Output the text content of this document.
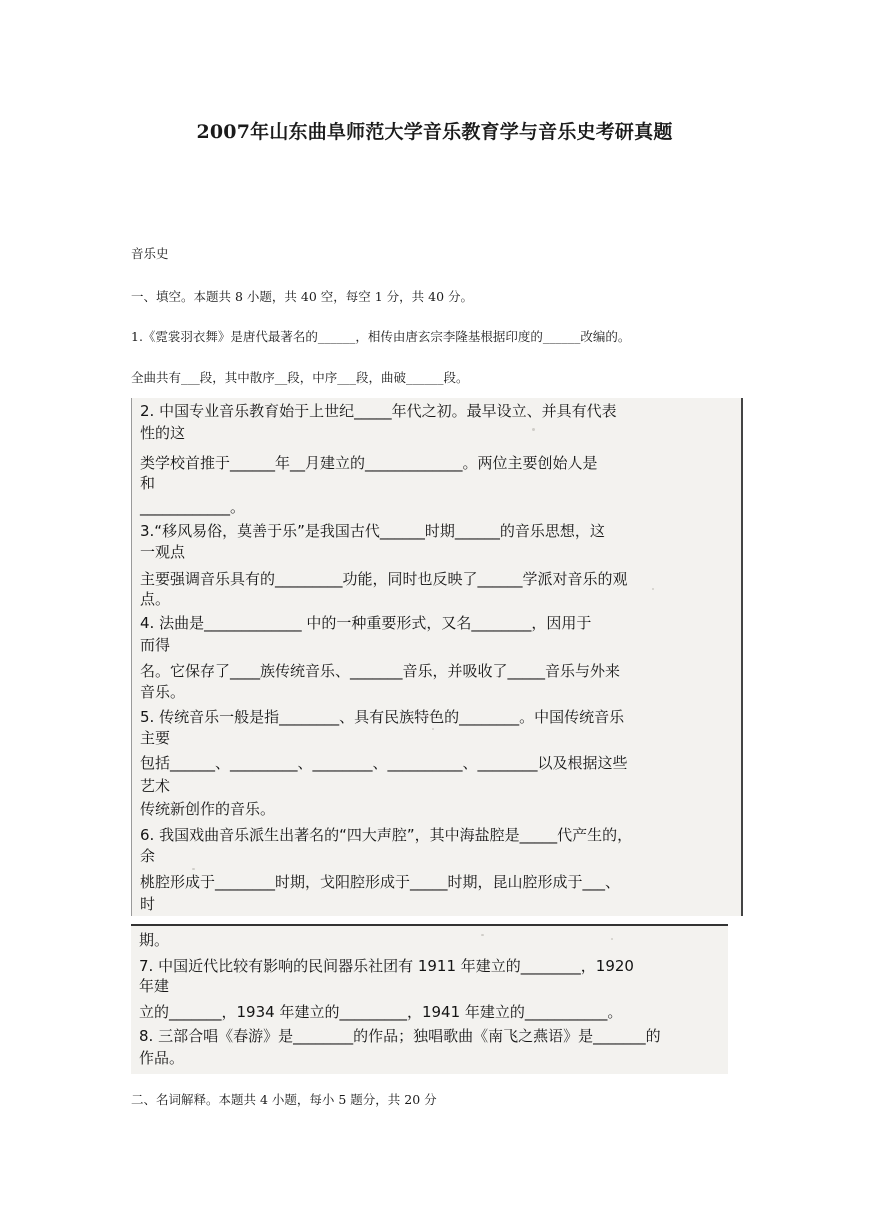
2007年山东曲阜师范大学音乐教育学与音乐史考研真题
音乐史
一、填空。本题共 8 小题，共 40 空，每空 1 分，共 40 分。
1.《霓裳羽衣舞》是唐代最著名的______，相传由唐玄宗李隆基根据印度的______改编的。
全曲共有___段，其中散序__段，中序___段，曲破______段。
2. 中国专业音乐教育始于上世纪_____年代之初。最早设立、并具有代表
性的这
类学校首推于______年__月建立的_____________。两位主要创始人是
和
____________。
3.“移风易俗，莫善于乐”是我国古代______时期______的音乐思想，这
一观点
主要强调音乐具有的_________功能，同时也反映了______学派对音乐的观
点。
4. 法曲是_____________ 中的一种重要形式，又名________，因用于
而得
名。它保存了____族传统音乐、_______音乐，并吸收了_____音乐与外来
音乐。
5. 传统音乐一般是指________、具有民族特色的________。中国传统音乐
主要
包括______、_________、________、__________、________以及根据这些
艺术
传统新创作的音乐。
6. 我国戏曲音乐派生出著名的“四大声腔”，其中海盐腔是_____代产生的，
余
桃腔形成于________时期，戈阳腔形成于_____时期，昆山腔形成于___、
时
期。
7. 中国近代比较有影响的民间器乐社团有 1911 年建立的________，1920
年建
立的_______，1934 年建立的_________，1941 年建立的___________。
8. 三部合唱《春游》是________的作品；独唱歌曲《南飞之燕语》是_______的
作品。
二、名词解释。本题共 4 小题，每小 5 题分，共 20 分
